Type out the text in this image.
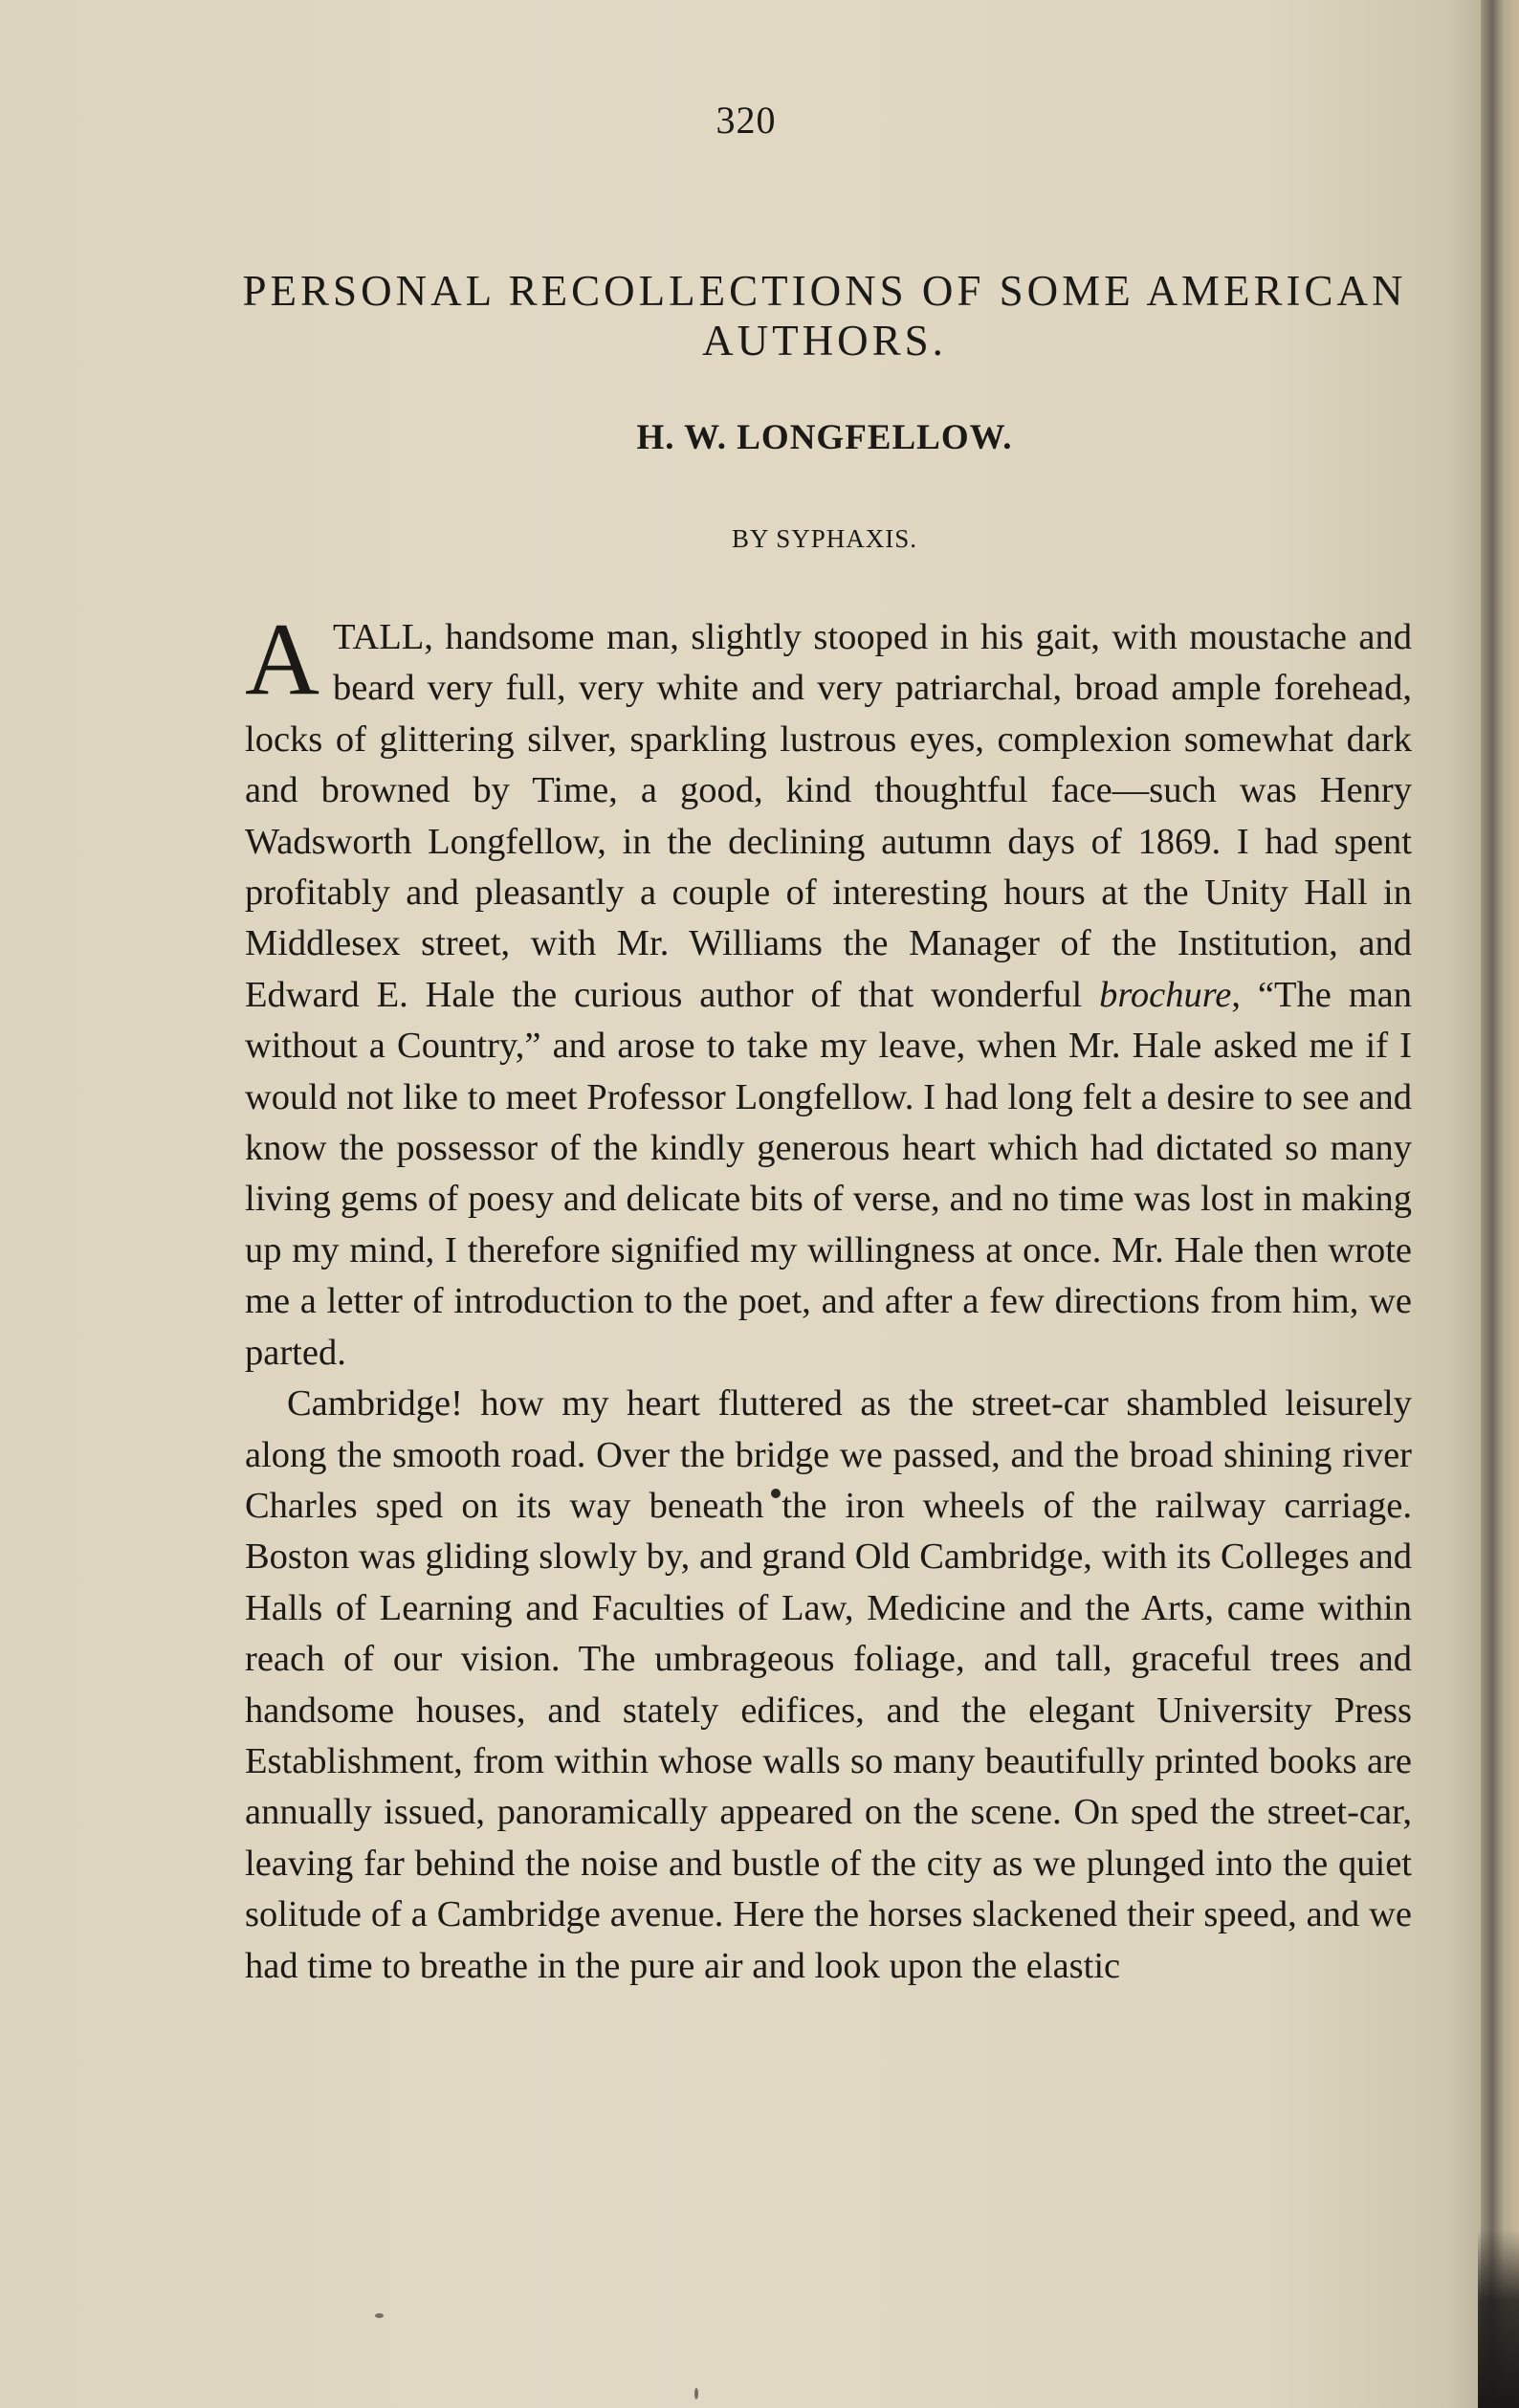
320
PERSONAL RECOLLECTIONS OF SOME AMERICAN AUTHORS.
H. W. LONGFELLOW.

BY SYPHAXIS.

ATALL, handsome man, slightly stooped in his gait, with moustache and beard very full, very white and very patriarchal, broad ample forehead, locks of glittering silver, sparkling lustrous eyes, complexion somewhat dark and browned by Time, a good, kind thoughtful face—such was Henry Wadsworth Longfellow, in the declining autumn days of 1869. I had spent profitably and pleasantly a couple of interesting hours at the Unity Hall in Middlesex street, with Mr. Williams the Manager of the Institution, and Edward E. Hale the curious author of that wonderful brochure, “The man without a Country,” and arose to take my leave, when Mr. Hale asked me if I would not like to meet Professor Longfellow. I had long felt a desire to see and know the possessor of the kindly generous heart which had dictated so many living gems of poesy and delicate bits of verse, and no time was lost in making up my mind, I therefore signified my willingness at once. Mr. Hale then wrote me a letter of introduction to the poet, and after a few directions from him, we parted.

Cambridge! how my heart fluttered as the street-car shambled leisurely along the smooth road. Over the bridge we passed, and the broad shining river Charles sped on its way beneath the iron wheels of the railway carriage. Boston was gliding slowly by, and grand Old Cambridge, with its Colleges and Halls of Learning and Faculties of Law, Medicine and the Arts, came within reach of our vision. The umbrageous foliage, and tall, graceful trees and handsome houses, and stately edifices, and the elegant University Press Establishment, from within whose walls so many beautifully printed books are annually issued, panoramically appeared on the scene. On sped the street-car, leaving far behind the noise and bustle of the city as we plunged into the quiet solitude of a Cambridge avenue. Here the horses slackened their speed, and we had time to breathe in the pure air and look upon the elastic
